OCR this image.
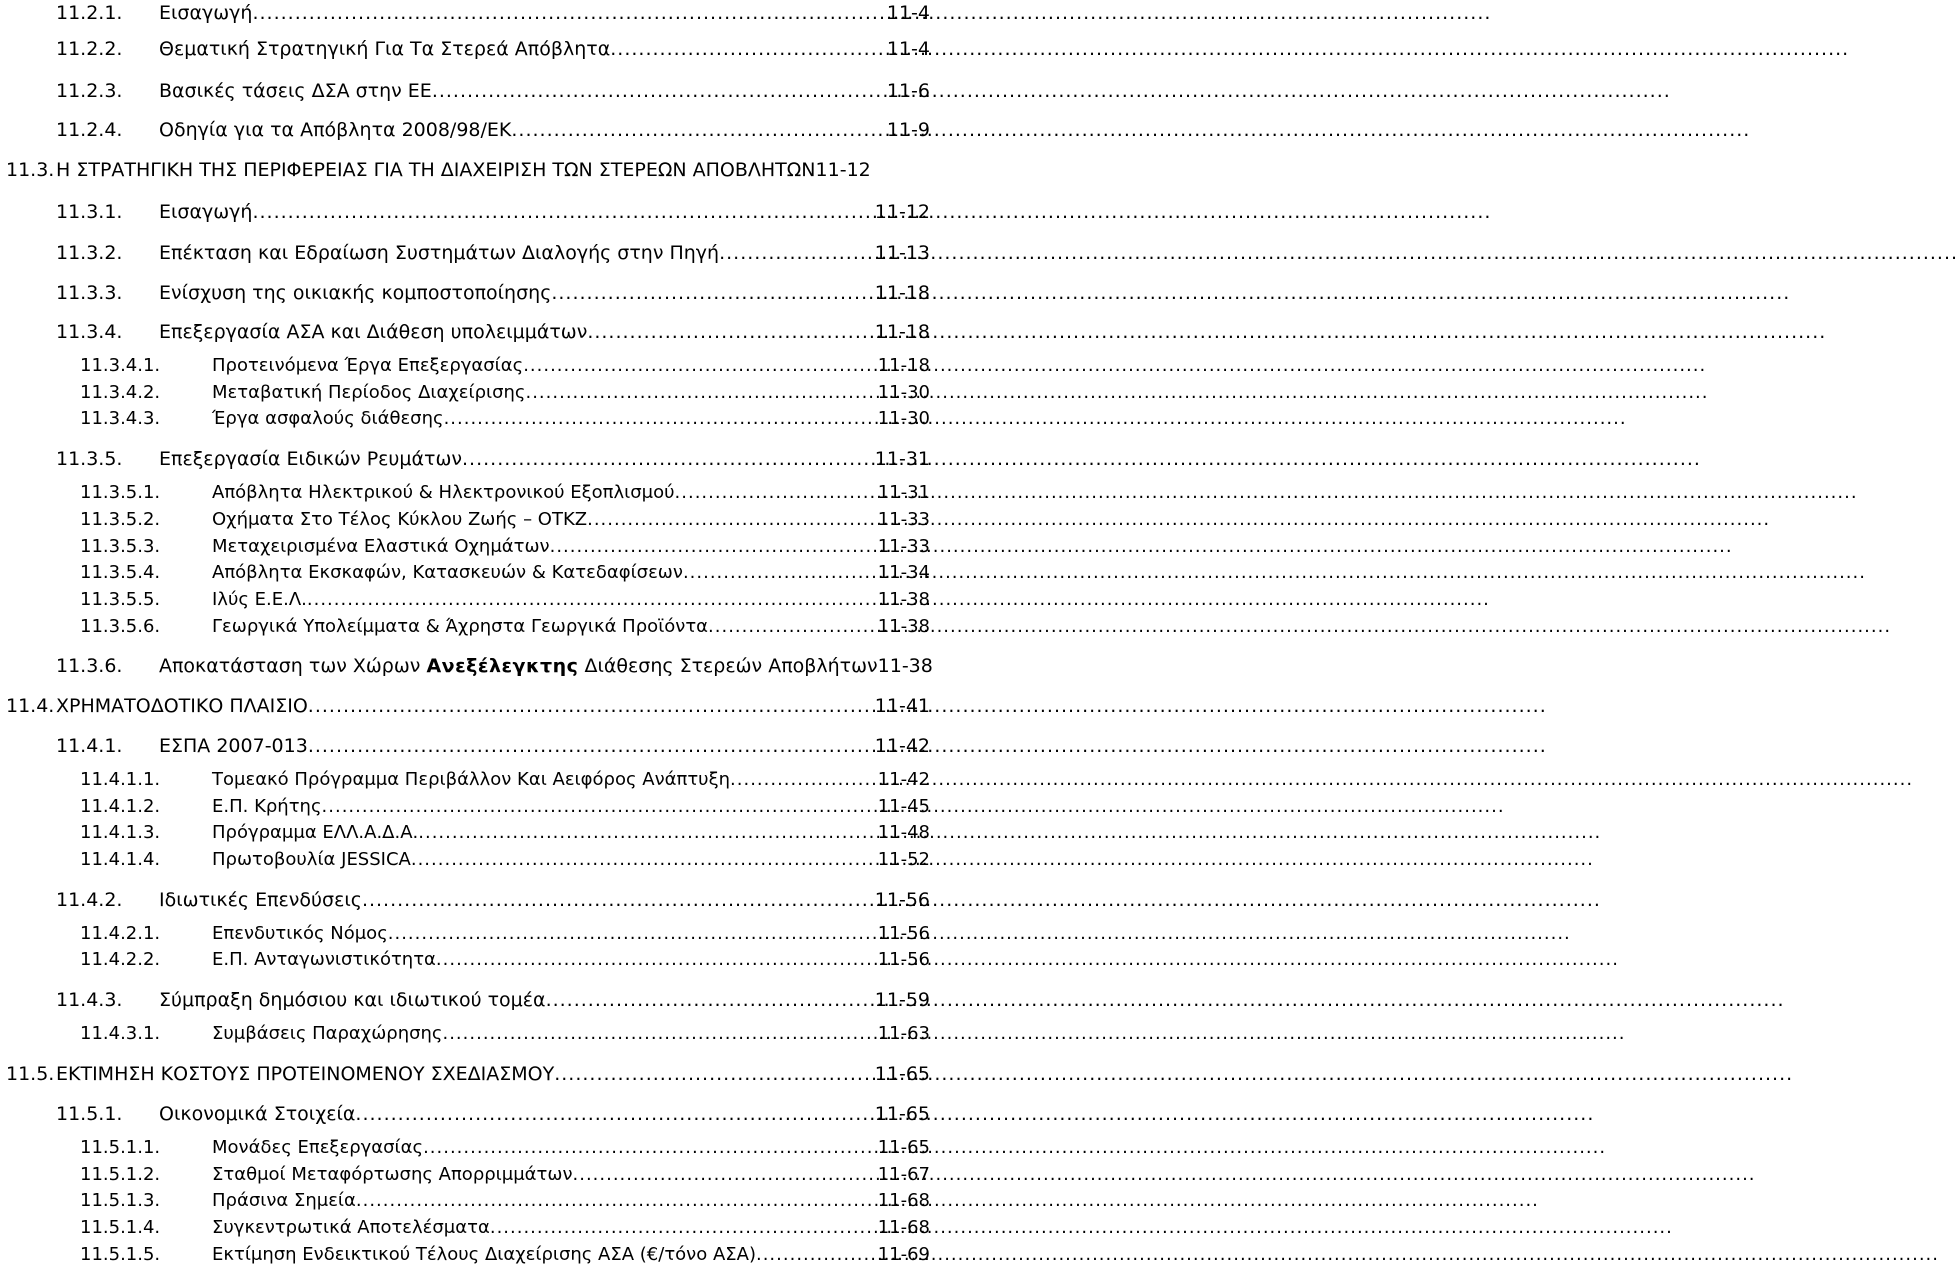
11.2.1.	Εισαγωγή .....	11-4
11.2.2.	Θεματική Στρατηγική Για Τα Στερεά Απόβλητα .....	11-4
11.2.3.	Βασικές τάσεις ΔΣΑ στην ΕΕ .....	11-6
11.2.4.	Οδηγία για τα Απόβλητα 2008/98/ΕΚ .....	11-9
11.3. Η ΣΤΡΑΤΗΓΙΚΗ ΤΗΣ ΠΕΡΙΦΕΡΕΙΑΣ ΓΙΑ ΤΗ ΔΙΑΧΕΙΡΙΣΗ ΤΩΝ ΣΤΕΡΕΩΝ ΑΠΟΒΛΗΤΩΝ 11-12
11.3.1.	Εισαγωγή .....	11-12
11.3.2.	Επέκταση και Εδραίωση Συστημάτων Διαλογής στην Πηγή .....	11-13
11.3.3.	Ενίσχυση της οικιακής κομποστοποίησης .....	11-18
11.3.4.	Επεξεργασία ΑΣΑ και Διάθεση υπολειμμάτων .....	11-18
11.3.4.1.	Προτεινόμενα Έργα Επεξεργασίας .....	11-18
11.3.4.2.	Μεταβατική Περίοδος Διαχείρισης .....	11-30
11.3.4.3.	Έργα ασφαλούς διάθεσης .....	11-30
11.3.5.	Επεξεργασία Ειδικών Ρευμάτων .....	11-31
11.3.5.1.	Απόβλητα Ηλεκτρικού & Ηλεκτρονικού Εξοπλισμού .....	11-31
11.3.5.2.	Οχήματα Στο Τέλος Κύκλου Ζωής – ΟΤΚΖ .....	11-33
11.3.5.3.	Μεταχειρισμένα Ελαστικά Οχημάτων .....	11-33
11.3.5.4.	Απόβλητα Εκσκαφών, Κατασκευών & Κατεδαφίσεων .....	11-34
11.3.5.5.	Ιλύς Ε.Ε.Λ. .....	11-38
11.3.5.6.	Γεωργικά Υπολείμματα & Άχρηστα Γεωργικά Προϊόντα .....	11-38
11.3.6.	Αποκατάσταση των Χώρων Ανεξέλεγκτης Διάθεσης Στερεών Αποβλήτων 11-38
11.4. ΧΡΗΜΑΤΟΔΟΤΙΚΟ ΠΛΑΙΣΙΟ .....	11-41
11.4.1.	ΕΣΠΑ 2007-013 .....	11-42
11.4.1.1.	Τομεακό Πρόγραμμα Περιβάλλον Και Αειφόρος Ανάπτυξη .....	11-42
11.4.1.2.	Ε.Π. Κρήτης .....	11-45
11.4.1.3.	Πρόγραμμα ΕΛΛ.Α.Δ.Α. .....	11-48
11.4.1.4.	Πρωτοβουλία JESSICA .....	11-52
11.4.2.	Ιδιωτικές Επενδύσεις .....	11-56
11.4.2.1.	Επενδυτικός Νόμος .....	11-56
11.4.2.2.	Ε.Π. Ανταγωνιστικότητα .....	11-56
11.4.3.	Σύμπραξη δημόσιου και ιδιωτικού τομέα .....	11-59
11.4.3.1.	Συμβάσεις Παραχώρησης .....	11-63
11.5. ΕΚΤΙΜΗΣΗ ΚΟΣΤΟΥΣ ΠΡΟΤΕΙΝΟΜΕΝΟΥ ΣΧΕΔΙΑΣΜΟΥ .....	11-65
11.5.1.	Οικονομικά Στοιχεία .....	11-65
11.5.1.1.	Μονάδες Επεξεργασίας .....	11-65
11.5.1.2.	Σταθμοί Μεταφόρτωσης Απορριμμάτων .....	11-67
11.5.1.3.	Πράσινα Σημεία .....	11-68
11.5.1.4.	Συγκεντρωτικά Αποτελέσματα .....	11-68
11.5.1.5.	Εκτίμηση Ενδεικτικού Τέλους Διαχείρισης ΑΣΑ (€/τόνο ΑΣΑ) .....	11-69
